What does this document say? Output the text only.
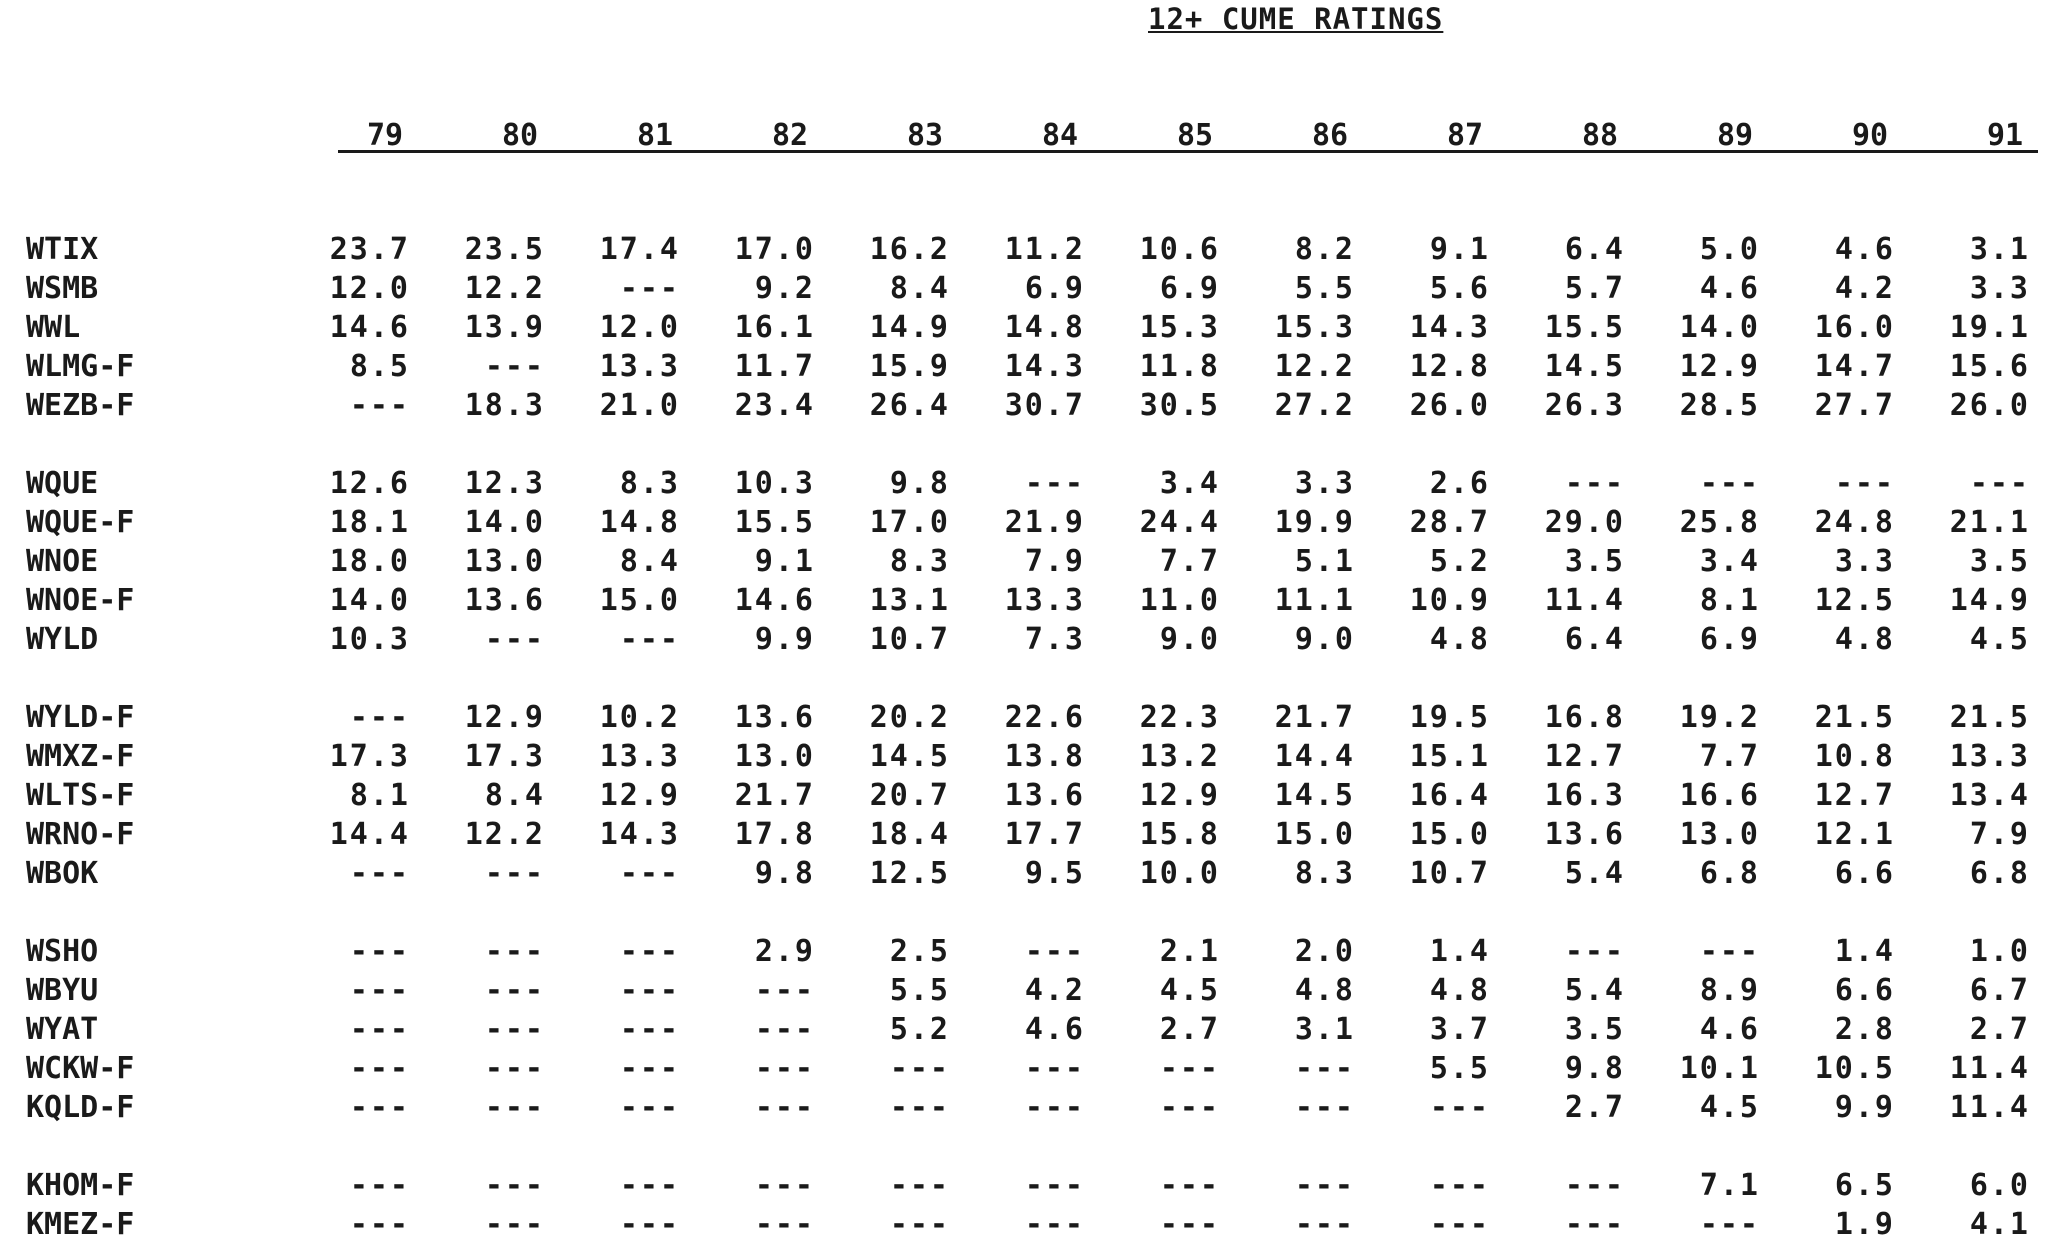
12+ CUME RATINGS
79	80	81	82	83	84	85	86	87	88	89	90	91
WTIX	23.7	23.5	17.4	17.0	16.2	11.2	10.6	8.2	9.1	6.4	5.0	4.6	3.1
WSMB	12.0	12.2	---	9.2	8.4	6.9	6.9	5.5	5.6	5.7	4.6	4.2	3.3
WWL	14.6	13.9	12.0	16.1	14.9	14.8	15.3	15.3	14.3	15.5	14.0	16.0	19.1
WLMG-F	8.5	---	13.3	11.7	15.9	14.3	11.8	12.2	12.8	14.5	12.9	14.7	15.6
WEZB-F	---	18.3	21.0	23.4	26.4	30.7	30.5	27.2	26.0	26.3	28.5	27.7	26.0
WQUE	12.6	12.3	8.3	10.3	9.8	---	3.4	3.3	2.6	---	---	---	---
WQUE-F	18.1	14.0	14.8	15.5	17.0	21.9	24.4	19.9	28.7	29.0	25.8	24.8	21.1
WNOE	18.0	13.0	8.4	9.1	8.3	7.9	7.7	5.1	5.2	3.5	3.4	3.3	3.5
WNOE-F	14.0	13.6	15.0	14.6	13.1	13.3	11.0	11.1	10.9	11.4	8.1	12.5	14.9
WYLD	10.3	---	---	9.9	10.7	7.3	9.0	9.0	4.8	6.4	6.9	4.8	4.5
WYLD-F	---	12.9	10.2	13.6	20.2	22.6	22.3	21.7	19.5	16.8	19.2	21.5	21.5
WMXZ-F	17.3	17.3	13.3	13.0	14.5	13.8	13.2	14.4	15.1	12.7	7.7	10.8	13.3
WLTS-F	8.1	8.4	12.9	21.7	20.7	13.6	12.9	14.5	16.4	16.3	16.6	12.7	13.4
WRNO-F	14.4	12.2	14.3	17.8	18.4	17.7	15.8	15.0	15.0	13.6	13.0	12.1	7.9
WBOK	---	---	---	9.8	12.5	9.5	10.0	8.3	10.7	5.4	6.8	6.6	6.8
WSHO	---	---	---	2.9	2.5	---	2.1	2.0	1.4	---	---	1.4	1.0
WBYU	---	---	---	---	5.5	4.2	4.5	4.8	4.8	5.4	8.9	6.6	6.7
WYAT	---	---	---	---	5.2	4.6	2.7	3.1	3.7	3.5	4.6	2.8	2.7
WCKW-F	---	---	---	---	---	---	---	---	5.5	9.8	10.1	10.5	11.4
KQLD-F	---	---	---	---	---	---	---	---	---	2.7	4.5	9.9	11.4
KHOM-F	---	---	---	---	---	---	---	---	---	---	7.1	6.5	6.0
KMEZ-F	---	---	---	---	---	---	---	---	---	---	---	1.9	4.1
